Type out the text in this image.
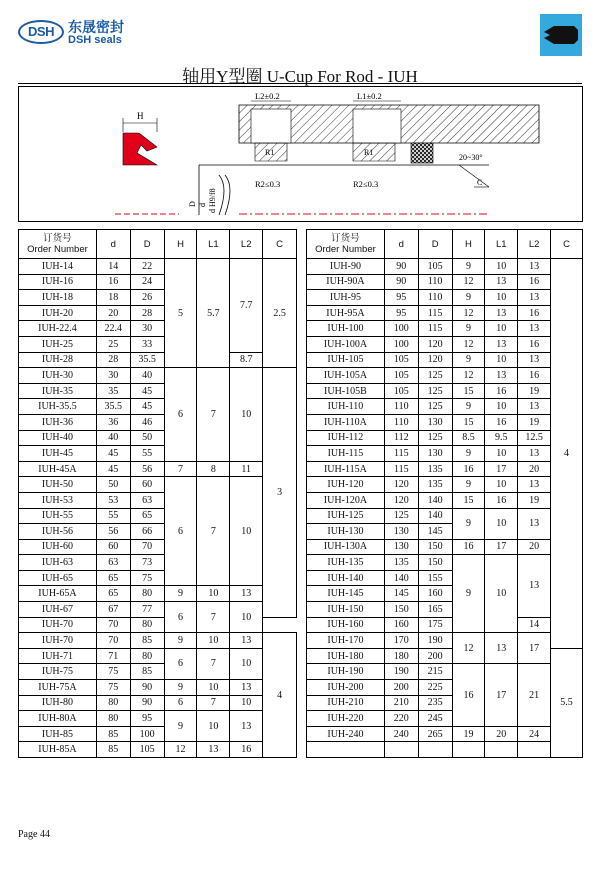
DSH	东晟密封
DSH seals
轴用Y型圈 U-Cup For Rod - IUH
H
L2±0.2	L1±0.2
R1	R1
R2≤0.3	R2≤0.3
20~30°
C
d
D d H9/f8
订货号
Order Number	d	D	H	L1	L2	C
IUH-14	14	22	5	5.7	7.7	2.5
IUH-16	16	24				
IUH-18	18	26				
IUH-20	20	28				
IUH-22.4	22.4	30				
IUH-25	25	33				
IUH-28	28	35.5			8.7	
IUH-30	30	40	6	7	10	3
IUH-35	35	45				
IUH-35.5	35.5	45				
IUH-36	36	46				
IUH-40	40	50				
IUH-45	45	55				
IUH-45A	45	56	7	8	11	
IUH-50	50	60	6	7	10	
IUH-53	53	63				
IUH-55	55	65				
IUH-56	56	66				
IUH-60	60	70				
IUH-63	63	73				
IUH-65	65	75				
IUH-65A	65	80	9	10	13	
IUH-67	67	77	6	7	10	
IUH-70	70	80				
IUH-70	70	85	9	10	13	4
IUH-71	71	80	6	7	10	
IUH-75	75	85				
IUH-75A	75	90	9	10	13	
IUH-80	80	90	6	7	10	
IUH-80A	80	95	9	10	13	
IUH-85	85	100				
IUH-85A	85	105	12	13	16	
订货号
Order Number	d	D	H	L1	L2	C
IUH-90	90	105	9	10	13	4
IUH-90A	90	110	12	13	16	
IUH-95	95	110	9	10	13	
IUH-95A	95	115	12	13	16	
IUH-100	100	115	9	10	13	
IUH-100A	100	120	12	13	16	
IUH-105	105	120	9	10	13	
IUH-105A	105	125	12	13	16	
IUH-105B	105	125	15	16	19	
IUH-110	110	125	9	10	13	
IUH-110A	110	130	15	16	19	
IUH-112	112	125	8.5	9.5	12.5	
IUH-115	115	130	9	10	13	
IUH-115A	115	135	16	17	20	
IUH-120	120	135	9	10	13	
IUH-120A	120	140	15	16	19	
IUH-125	125	140	9	10	13	
IUH-130	130	145				
IUH-130A	130	150	16	17	20	
IUH-135	135	150	9	10	13	
IUH-140	140	155				
IUH-145	145	160				
IUH-150	150	165				
IUH-160	160	175			14	
IUH-170	170	190	12	13	17	
IUH-180	180	200				5.5
IUH-190	190	215	16	17	21	
IUH-200	200	225				
IUH-210	210	235				
IUH-220	220	245				
IUH-240	240	265	19	20	24	

Page 44
